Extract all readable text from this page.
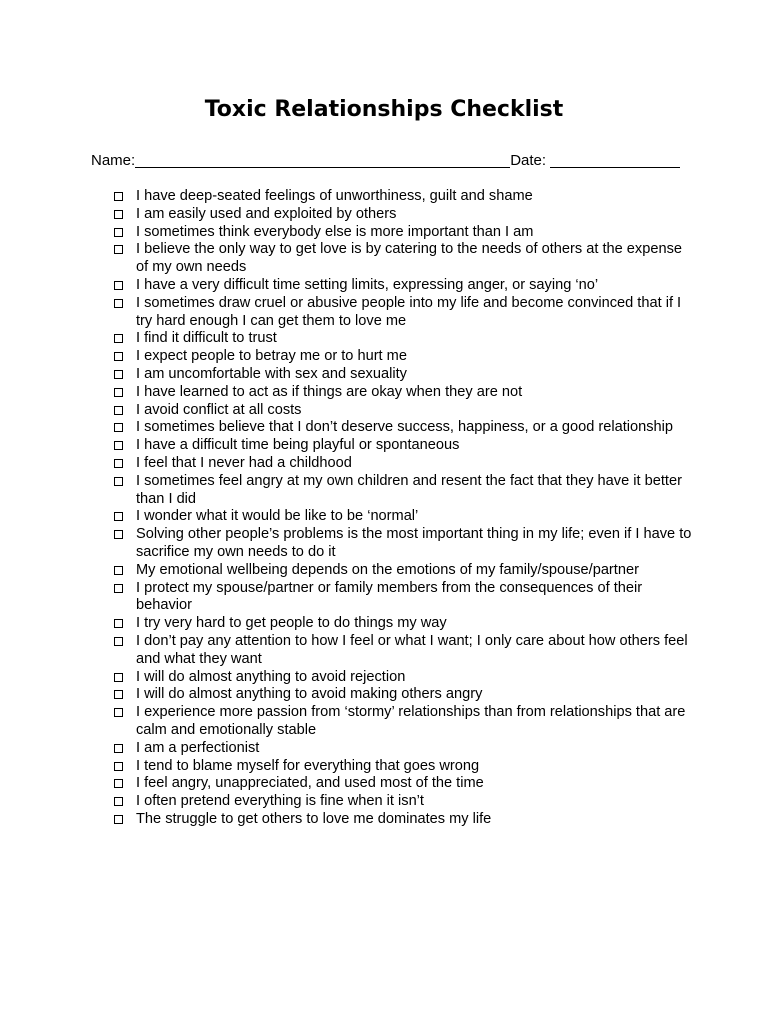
Toxic Relationships Checklist
Name:	Date:
I have deep-seated feelings of unworthiness, guilt and shame
I am easily used and exploited by others
I sometimes think everybody else is more important than I am
I believe the only way to get love is by catering to the needs of others at the expense of my own needs
I have a very difficult time setting limits, expressing anger, or saying ‘no’
I sometimes draw cruel or abusive people into my life and become convinced that if I try hard enough I can get them to love me
I find it difficult to trust
I expect people to betray me or to hurt me
I am uncomfortable with sex and sexuality
I have learned to act as if things are okay when they are not
I avoid conflict at all costs
I sometimes believe that I don’t deserve success, happiness, or a good relationship
I have a difficult time being playful or spontaneous
I feel that I never had a childhood
I sometimes feel angry at my own children and resent the fact that they have it better than I did
I wonder what it would be like to be ‘normal’
Solving other people’s problems is the most important thing in my life; even if I have to sacrifice my own needs to do it
My emotional wellbeing depends on the emotions of my family/spouse/partner
I protect my spouse/partner or family members from the consequences of their behavior
I try very hard to get people to do things my way
I don’t pay any attention to how I feel or what I want; I only care about how others feel and what they want
I will do almost anything to avoid rejection
I will do almost anything to avoid making others angry
I experience more passion from ‘stormy’ relationships than from relationships that are calm and emotionally stable
I am a perfectionist
I tend to blame myself for everything that goes wrong
I feel angry, unappreciated, and used most of the time
I often pretend everything is fine when it isn’t
The struggle to get others to love me dominates my life
